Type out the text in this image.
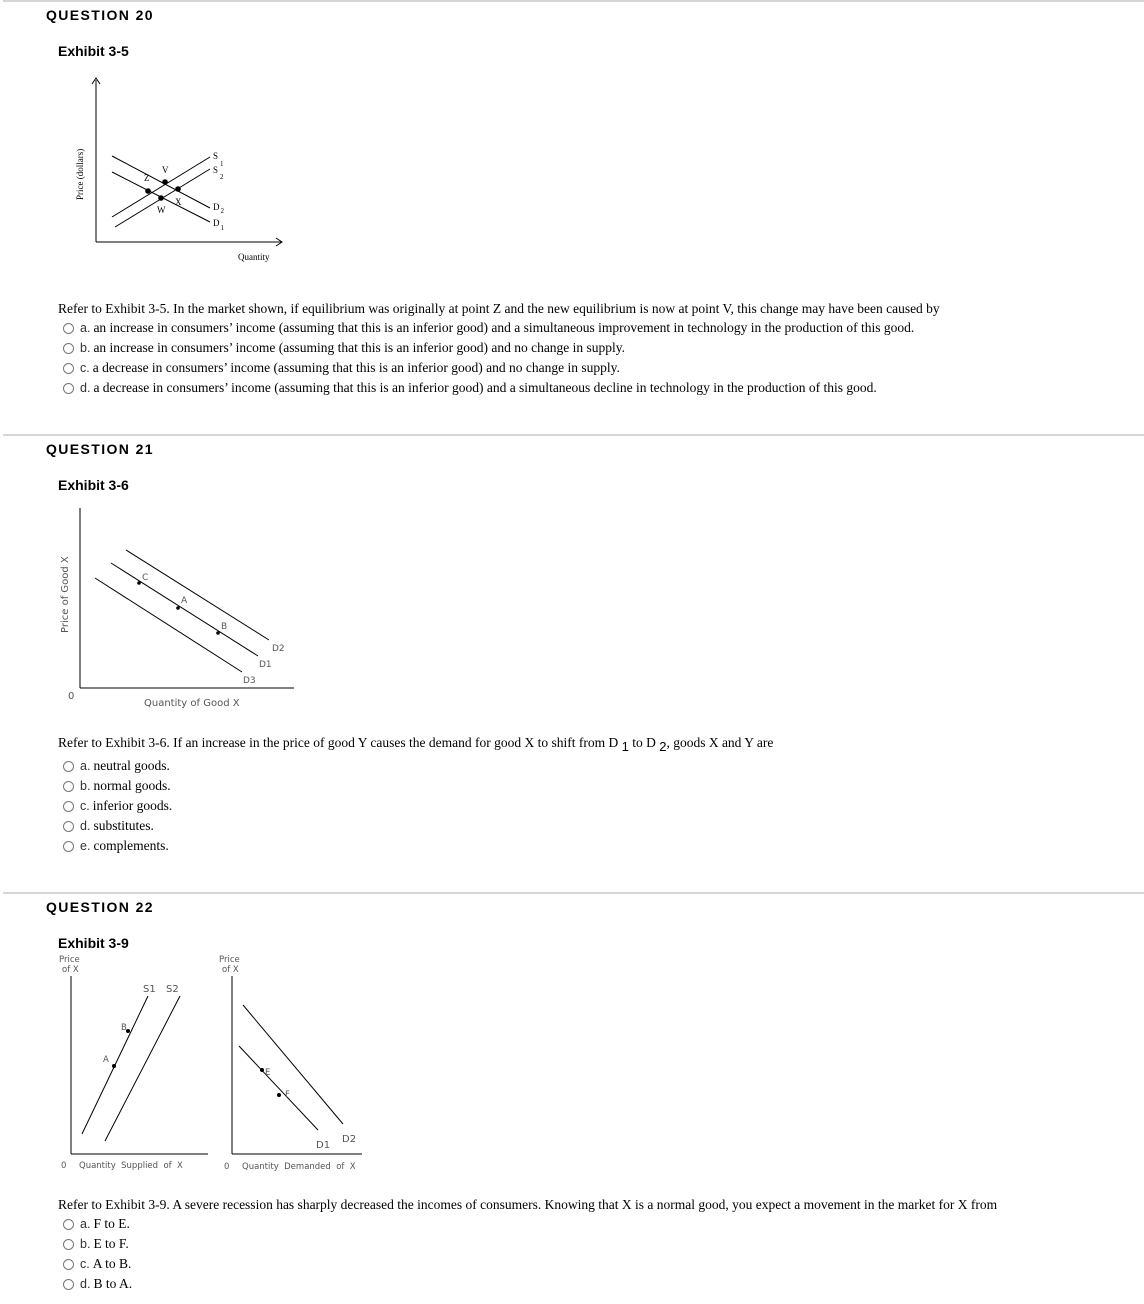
QUESTION 20
Exhibit 3-5
V
Z
X
W
$S_1$
$S_2$
$D_2$
$D_1$
Quantity
Price (dollars)
Refer to Exhibit 3-5. In the market shown, if equilibrium was originally at point Z and the new equilibrium is now at point V, this change may have been caused by
a. an increase in consumers’ income (assuming that this is an inferior good) and a simultaneous improvement in technology in the production of this good.
b. an increase in consumers’ income (assuming that this is an inferior good) and no change in supply.
c. a decrease in consumers’ income (assuming that this is an inferior good) and no change in supply.
d. a decrease in consumers’ income (assuming that this is an inferior good) and a simultaneous decline in technology in the production of this good.
QUESTION 21
Exhibit 3-6
C
A
B
D2
D1
D3
0
Quantity of Good X
Price of Good X
Refer to Exhibit 3-6. If an increase in the price of good Y causes the demand for good X to shift from D $_1$ to D $_2$, goods X and Y are
a. neutral goods.
b. normal goods.
c. inferior goods.
d. substitutes.
e. complements.
QUESTION 22
Exhibit 3-9
Price
of X
S1 S2
B
A
0 Quantity  Supplied  of  X
Price
of X
E
F
D1
D2
0 Quantity  Demanded  of  X
Refer to Exhibit 3-9. A severe recession has sharply decreased the incomes of consumers. Knowing that X is a normal good, you expect a movement in the market for X from
a. F to E.
b. E to F.
c. A to B.
d. B to A.
